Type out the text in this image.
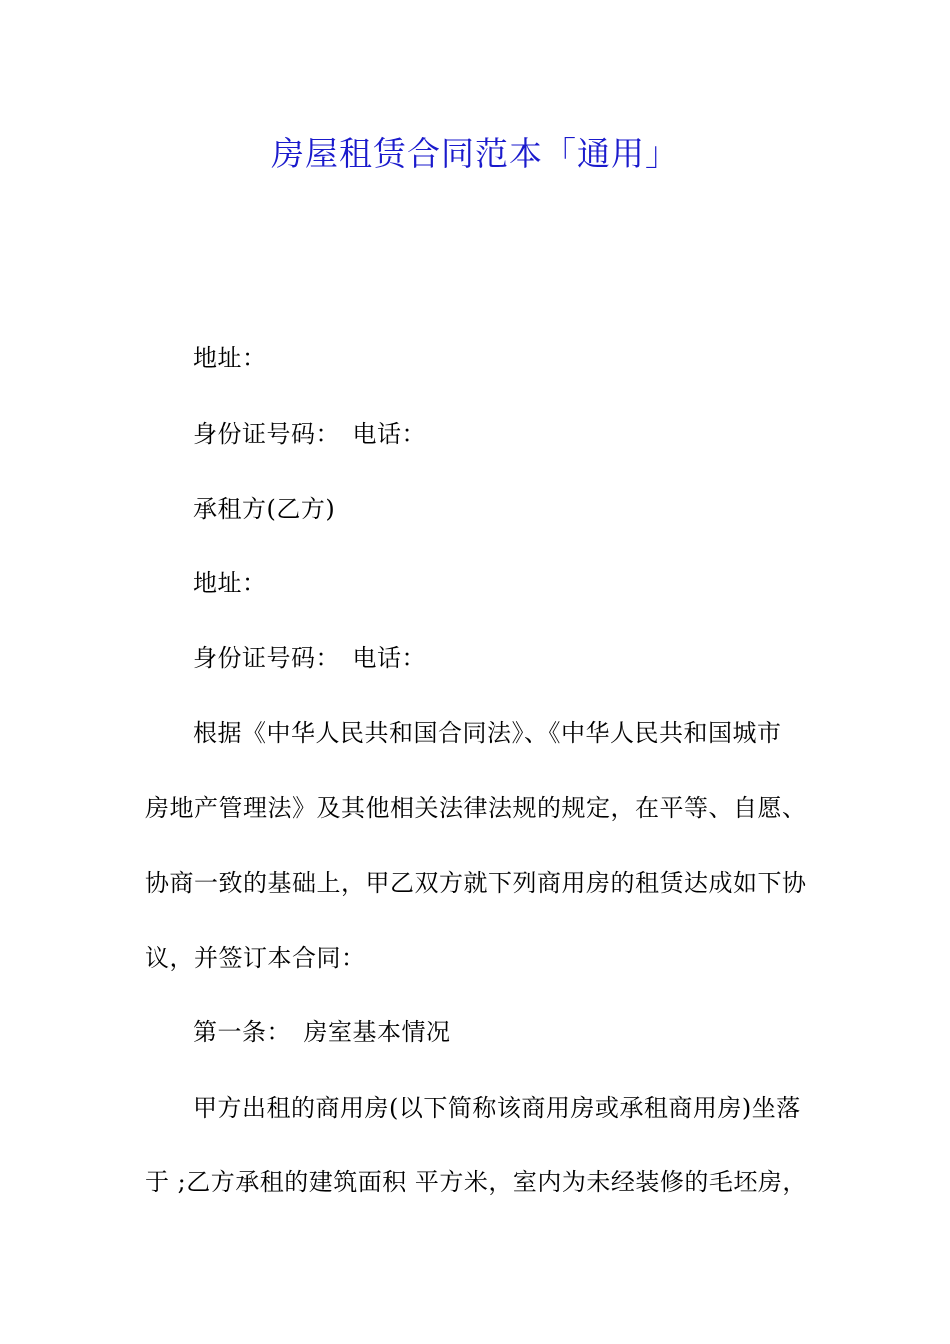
房屋租赁合同范本「通用」
地址：
身份证号码：　电话：
承租方(乙方)
地址：
身份证号码：　电话：
根据《中华人民共和国合同法》、《中华人民共和国城市
房地产管理法》及其他相关法律法规的规定，在平等、自愿、
协商一致的基础上，甲乙双方就下列商用房的租赁达成如下协
议，并签订本合同：
第一条：　房室基本情况
甲方出租的商用房(以下简称该商用房或承租商用房)坐落
于 ;乙方承租的建筑面积 平方米，室内为未经装修的毛坯房，
